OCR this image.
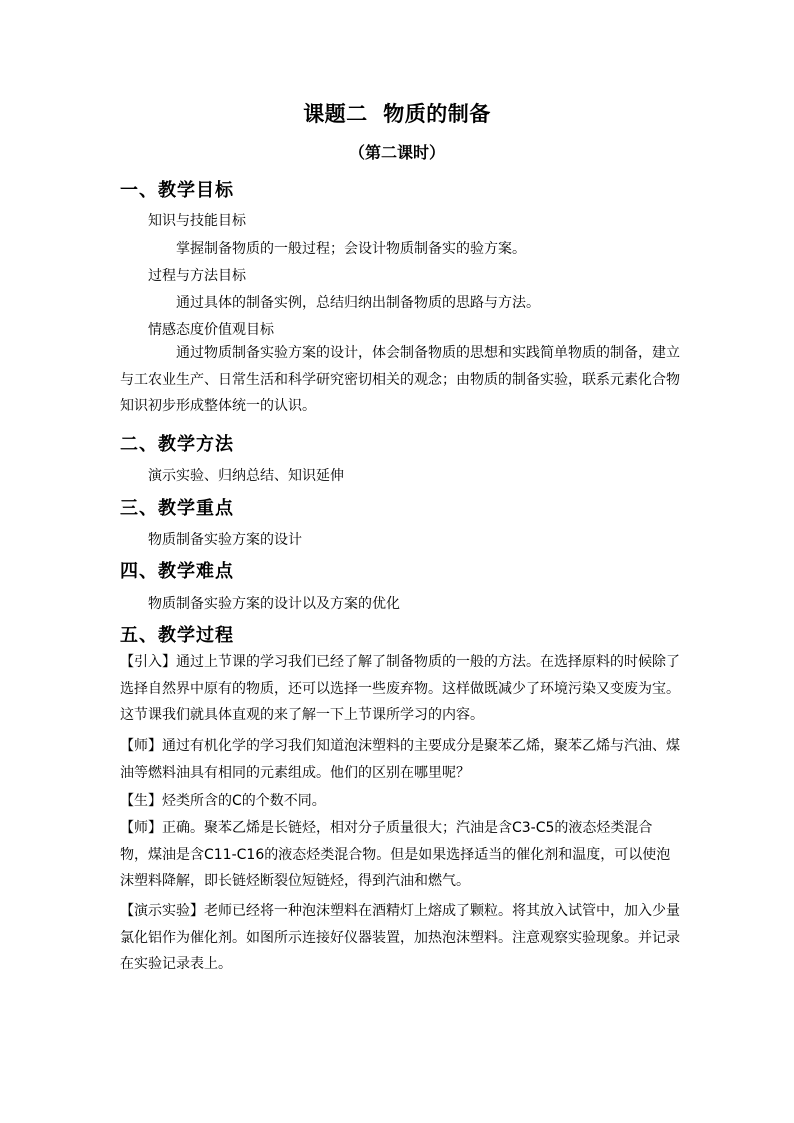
课题二  物质的制备
（第二课时）
一、教学目标
知识与技能目标
掌握制备物质的一般过程；会设计物质制备实的验方案。
过程与方法目标
通过具体的制备实例，总结归纳出制备物质的思路与方法。
情感态度价值观目标
通过物质制备实验方案的设计，体会制备物质的思想和实践简单物质的制备，建立与工农业生产、日常生活和科学研究密切相关的观念；由物质的制备实验，联系元素化合物知识初步形成整体统一的认识。
二、教学方法
演示实验、归纳总结、知识延伸
三、教学重点
物质制备实验方案的设计
四、教学难点
物质制备实验方案的设计以及方案的优化
五、教学过程
【引入】通过上节课的学习我们已经了解了制备物质的一般的方法。在选择原料的时候除了选择自然界中原有的物质，还可以选择一些废弃物。这样做既减少了环境污染又变废为宝。这节课我们就具体直观的来了解一下上节课所学习的内容。
【师】通过有机化学的学习我们知道泡沫塑料的主要成分是聚苯乙烯，聚苯乙烯与汽油、煤油等燃料油具有相同的元素组成。他们的区别在哪里呢？
【生】烃类所含的C的个数不同。
【师】正确。聚苯乙烯是长链烃，相对分子质量很大；汽油是含C3-C5的液态烃类混合物，煤油是含C11-C16的液态烃类混合物。但是如果选择适当的催化剂和温度，可以使泡沫塑料降解，即长链烃断裂位短链烃，得到汽油和燃气。
【演示实验】老师已经将一种泡沫塑料在酒精灯上熔成了颗粒。将其放入试管中，加入少量氯化铝作为催化剂。如图所示连接好仪器装置，加热泡沫塑料。注意观察实验现象。并记录在实验记录表上。
